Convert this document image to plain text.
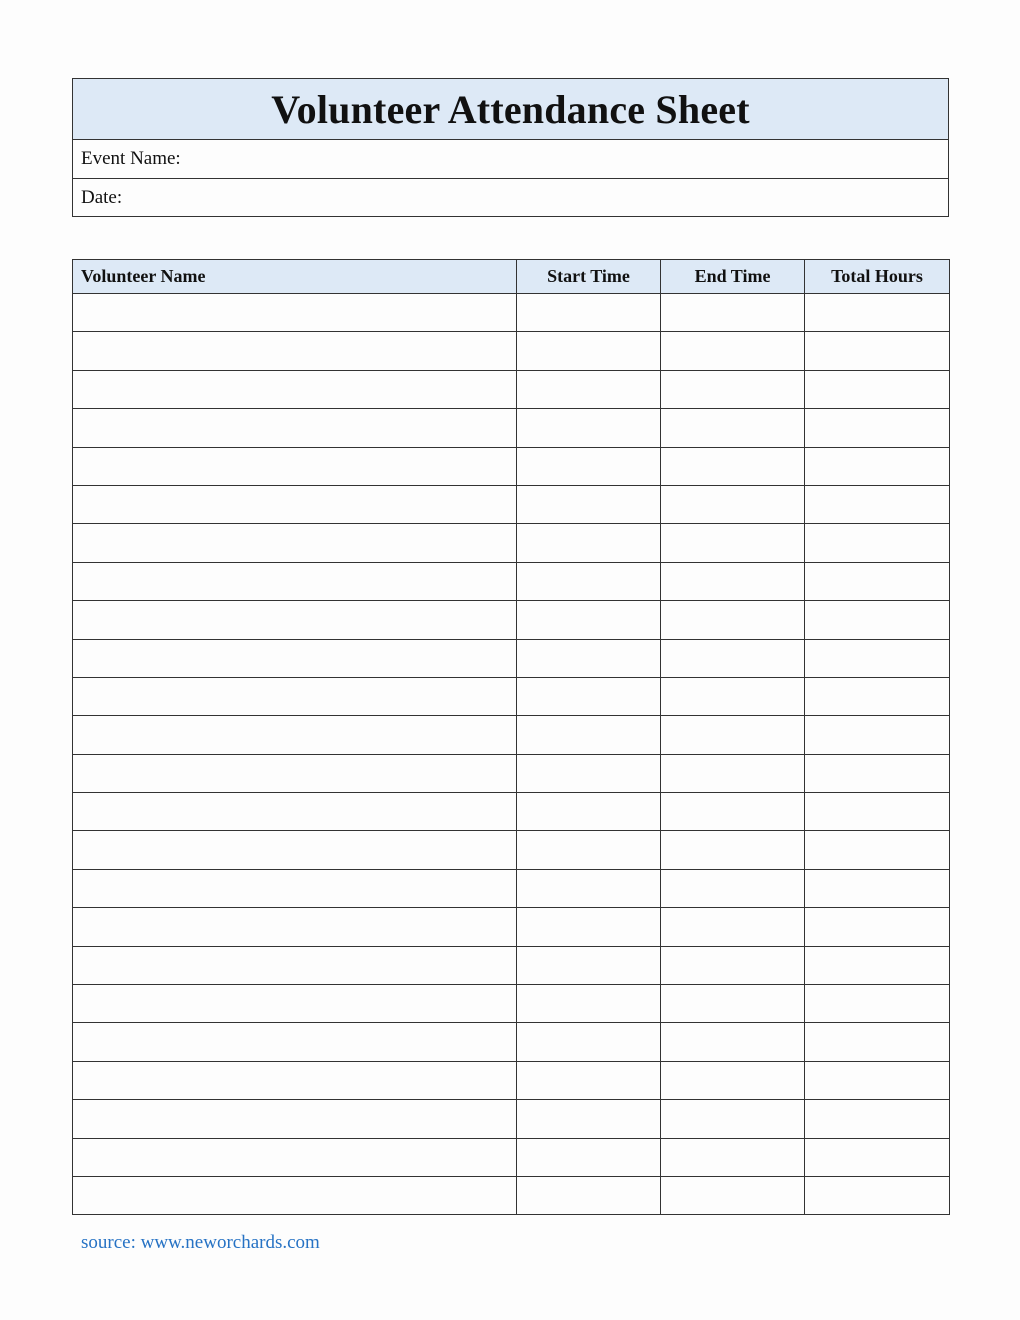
Volunteer Attendance Sheet
Event Name:
Date:
Volunteer Name	Start Time	End Time	Total Hours

source: www.neworchards.com
